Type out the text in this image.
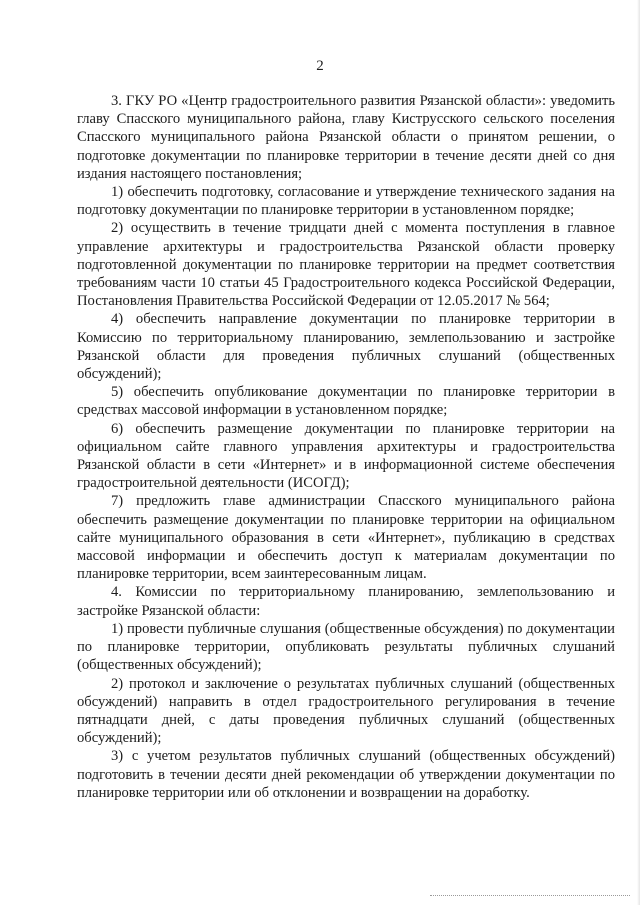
2

3. ГКУ РО «Центр градостроительного развития Рязанской области»: уведомить главу Спасского муниципального района, главу Киструсского сельского поселения Спасского муниципального района Рязанской области о принятом решении, о подготовке документации по планировке территории в течение десяти дней со дня издания настоящего постановления;

1) обеспечить подготовку, согласование и утверждение технического задания на подготовку документации по планировке территории в установленном порядке;

2) осуществить в течение тридцати дней с момента поступления в главное управление архитектуры и градостроительства Рязанской области проверку подготовленной документации по планировке территории на предмет соответствия требованиям части 10 статьи 45 Градостроительного кодекса Российской Федерации, Постановления Правительства Российской Федерации от 12.05.2017 № 564;

4) обеспечить направление документации по планировке территории в Комиссию по территориальному планированию, землепользованию и застройке Рязанской области для проведения публичных слушаний (общественных обсуждений);

5) обеспечить опубликование документации по планировке территории в средствах массовой информации в установленном порядке;

6) обеспечить размещение документации по планировке территории на официальном сайте главного управления архитектуры и градостроительства Рязанской области в сети «Интернет» и в информационной системе обеспечения градостроительной деятельности (ИСОГД);

7) предложить главе администрации Спасского муниципального района обеспечить размещение документации по планировке территории на официальном сайте муниципального образования в сети «Интернет», публикацию в средствах массовой информации и обеспечить доступ к материалам документации по планировке территории, всем заинтересованным лицам.

4. Комиссии по территориальному планированию, землепользованию и застройке Рязанской области:

1) провести публичные слушания (общественные обсуждения) по документации по планировке территории, опубликовать результаты публичных слушаний (общественных обсуждений);

2) протокол и заключение о результатах публичных слушаний (общественных обсуждений) направить в отдел градостроительного регулирования в течение пятнадцати дней, с даты проведения публичных слушаний (общественных обсуждений);

3) с учетом результатов публичных слушаний (общественных обсуждений) подготовить в течении десяти дней рекомендации об утверждении документации по планировке территории или об отклонении и возвращении на доработку.
